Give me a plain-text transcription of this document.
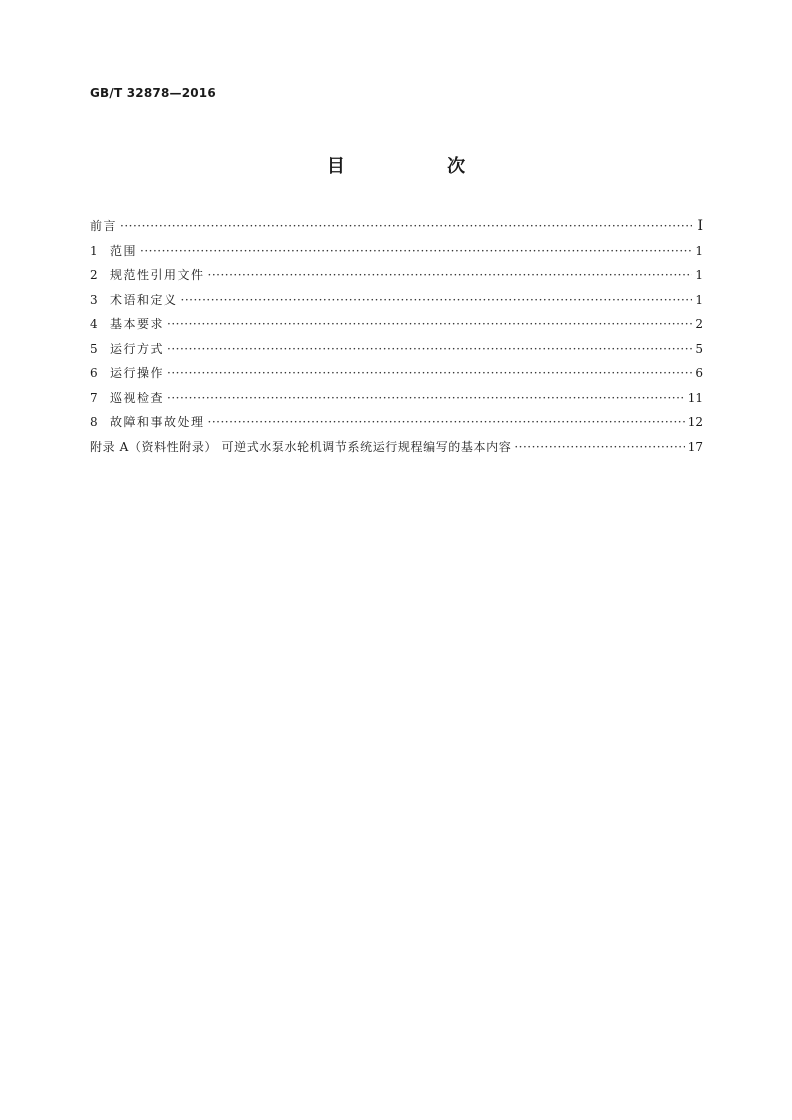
GB/T 32878—2016
目 次
前言 ·····	Ⅰ
1	范围 ·····	1
2	规范性引用文件 ·····	1
3	术语和定义 ·····	1
4	基本要求 ·····	2
5	运行方式 ·····	5
6	运行操作 ·····	6
7	巡视检查 ·····	11
8	故障和事故处理 ·····	12
附录 A（资料性附录） 可逆式水泵水轮机调节系统运行规程编写的基本内容 ·····	17
